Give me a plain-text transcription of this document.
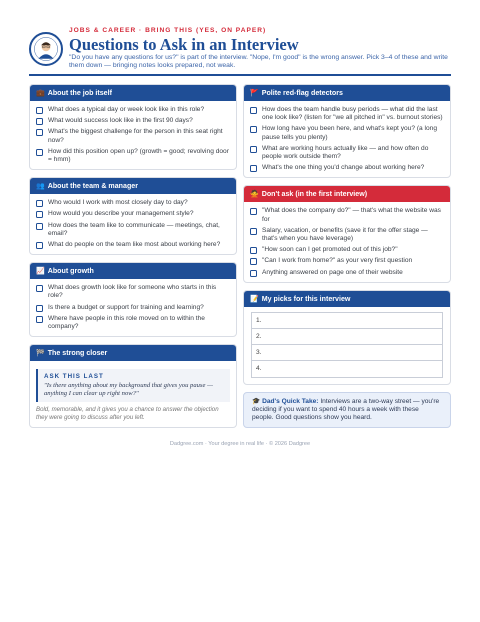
JOBS & CAREER · BRING THIS (YES, ON PAPER)
Questions to Ask in an Interview

"Do you have any questions for us?" is part of the interview. "Nope, I'm good" is the wrong answer. Pick 3–4 of these and write them down — bringing notes looks prepared, not weak.

💼 About the job itself
What does a typical day or week look like in this role?
What would success look like in the first 90 days?
What's the biggest challenge for the person in this seat right now?
How did this position open up? (growth = good; revolving door = hmm)
👥 About the team & manager
Who would I work with most closely day to day?
How would you describe your management style?
How does the team like to communicate — meetings, chat, email?
What do people on the team like most about working here?
📈 About growth
What does growth look like for someone who starts in this role?
Is there a budget or support for training and learning?
Where have people in this role moved on to within the company?
🏁 The strong closer
ASK THIS LAST
"Is there anything about my background that gives you pause — anything I can clear up right now?"
Bold, memorable, and it gives you a chance to answer the objection they were going to discuss after you left.
🚩 Polite red-flag detectors
How does the team handle busy periods — what did the last one look like? (listen for "we all pitched in" vs. burnout stories)
How long have you been here, and what's kept you? (a long pause tells you plenty)
What are working hours actually like — and how often do people work outside them?
What's the one thing you'd change about working here?
🙅 Don't ask (in the first interview)
"What does the company do?" — that's what the website was for
Salary, vacation, or benefits (save it for the offer stage — that's when you have leverage)
"How soon can I get promoted out of this job?"
"Can I work from home?" as your very first question
Anything answered on page one of their website
📝 My picks for this interview
1.
2.
3.
4.
🎓 Dad's Quick Take: Interviews are a two-way street — you're deciding if you want to spend 40 hours a week with these people. Good questions show you heard.
Dadgree.com · Your degree in real life · © 2026 Dadgree
